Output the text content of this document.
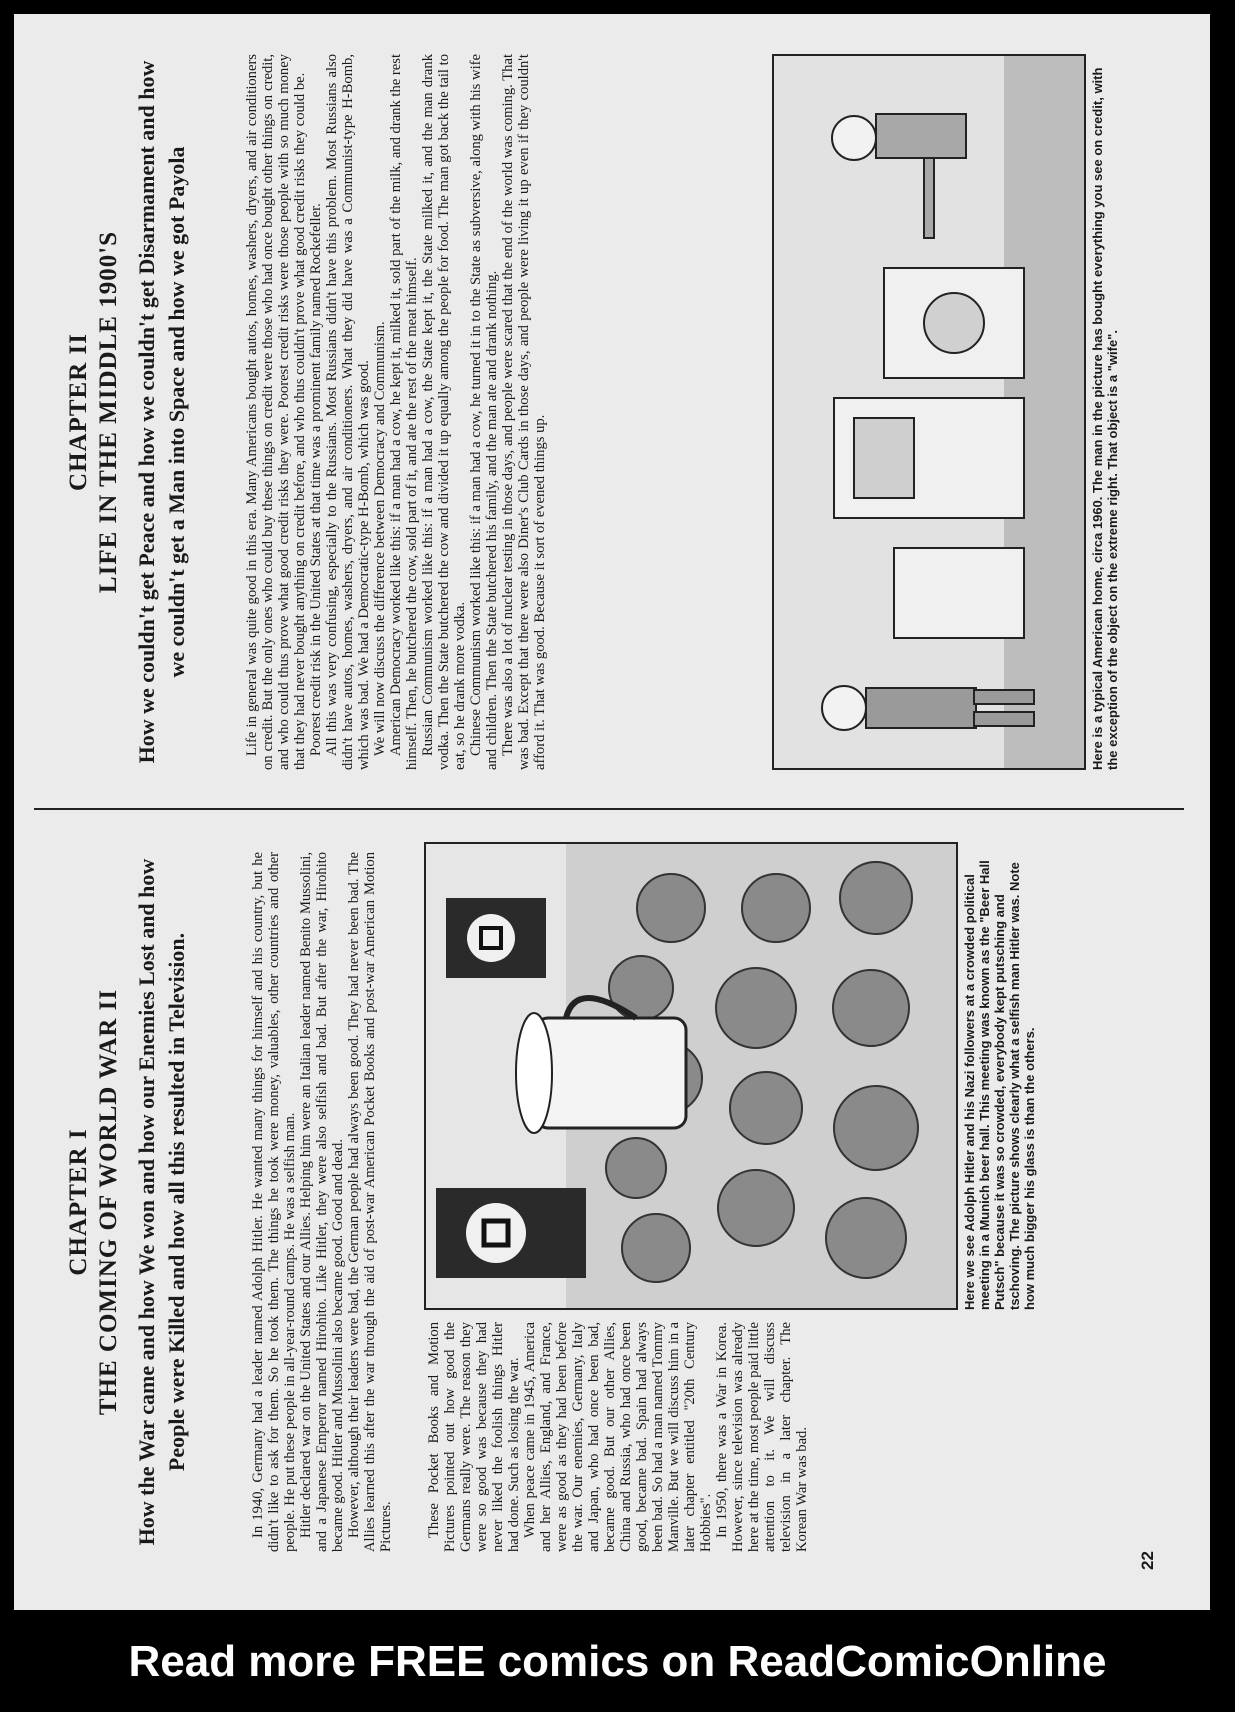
CHAPTER I THE COMING OF WORLD WAR II How the War came and how We won and how our Enemies Lost and how People were Killed and how all this resulted in Television.	In 1940, Germany had a leader named Adolph Hitler. He wanted many things for himself and his country, but he didn't like to ask for them. So he took them. The things he took were money, valuables, other countries and other people. He put these people in all-year-round camps. He was a selfish man. Hitler declared war on the United States and our Allies. Helping him were an Italian leader named Benito Mussolini, and a Japanese Emperor named Hirohito. Like Hitler, they were also selfish and bad. But after the war, Hirohito became good. Hitler and Mussolini also became good. Good and dead. However, although their leaders were bad, the German people had always been good. They had never been bad. The Allies learned this after the war through the aid of post-war American Pocket Books and post-war American Motion Pictures. These Pocket Books and Motion Pictures pointed out how good the Germans really were. The reason they were so good was because they had never liked the foolish things Hitler had done. Such as losing the war. When peace came in 1945, America and her Allies, England, and France, were as good as they had been before the war. Our enemies, Germany, Italy and Japan, who had once been bad, became good. But our other Allies, China and Russia, who had once been good, became bad. Spain had always been bad. So had a man named Tommy Manville. But we will discuss him in a later chapter entitled "20th Century Hobbies". In 1950, there was a War in Korea. However, since television was already here at the time, most people paid little attention to it. We will discuss television in a later chapter. The Korean War was bad.

Here we see Adolph Hitler and his Nazi followers at a crowded political meeting in a Munich beer hall. This meeting was known as the "Beer Hall Putsch" because it was so crowded, everybody kept putsching and tschoving. The picture shows clearly what a selfish man Hitler was. Note how much bigger his glass is than the others.
22
CHAPTER II LIFE IN THE MIDDLE 1900'S How we couldn't get Peace and how we couldn't get Disarmament and how we couldn't get a Man into Space and how we got Payola	Life in general was quite good in this era. Many Americans bought autos, homes, washers, dryers, and air conditioners on credit. But the only ones who could buy these things on credit were those who had once bought other things on credit, and who could thus prove what good credit risks they were. Poorest credit risks were those people with so much money that they had never bought anything on credit before, and who thus couldn't prove what good credit risks they could be. Poorest credit risk in the United States at that time was a prominent family named Rockefeller. All this was very confusing, especially to the Russians. Most Russians didn't have this problem. Most Russians also didn't have autos, homes, washers, dryers, and air conditioners. What they did have was a Communist-type H-Bomb, which was bad. We had a Democratic-type H-Bomb, which was good. We will now discuss the difference between Democracy and Communism. American Democracy worked like this: if a man had a cow, he kept it, milked it, sold part of the milk, and drank the rest himself. Then, he butchered the cow, sold part of it, and ate the rest of the meat himself. Russian Communism worked like this: if a man had a cow, the State kept it, the State milked it, and the man drank vodka. Then the State butchered the cow and divided it up equally among the people for food. The man got back the tail to eat, so he drank more vodka. Chinese Communism worked like this: if a man had a cow, he turned it in to the State as subversive, along with his wife and children. Then the State butchered his family, and the man ate and drank nothing. There was also a lot of nuclear testing in those days, and people were scared that the end of the world was coming. That was bad. Except that there were also Diner's Club Cards in those days, and people were living it up even if they couldn't afford it. That was good. Because it sort of evened things up.	Here is a typical American home, circa 1960. The man in the picture has bought everything you see on credit, with the exception of the object on the extreme right. That object is a "wife".
Read more FREE comics on ReadComicOnline
